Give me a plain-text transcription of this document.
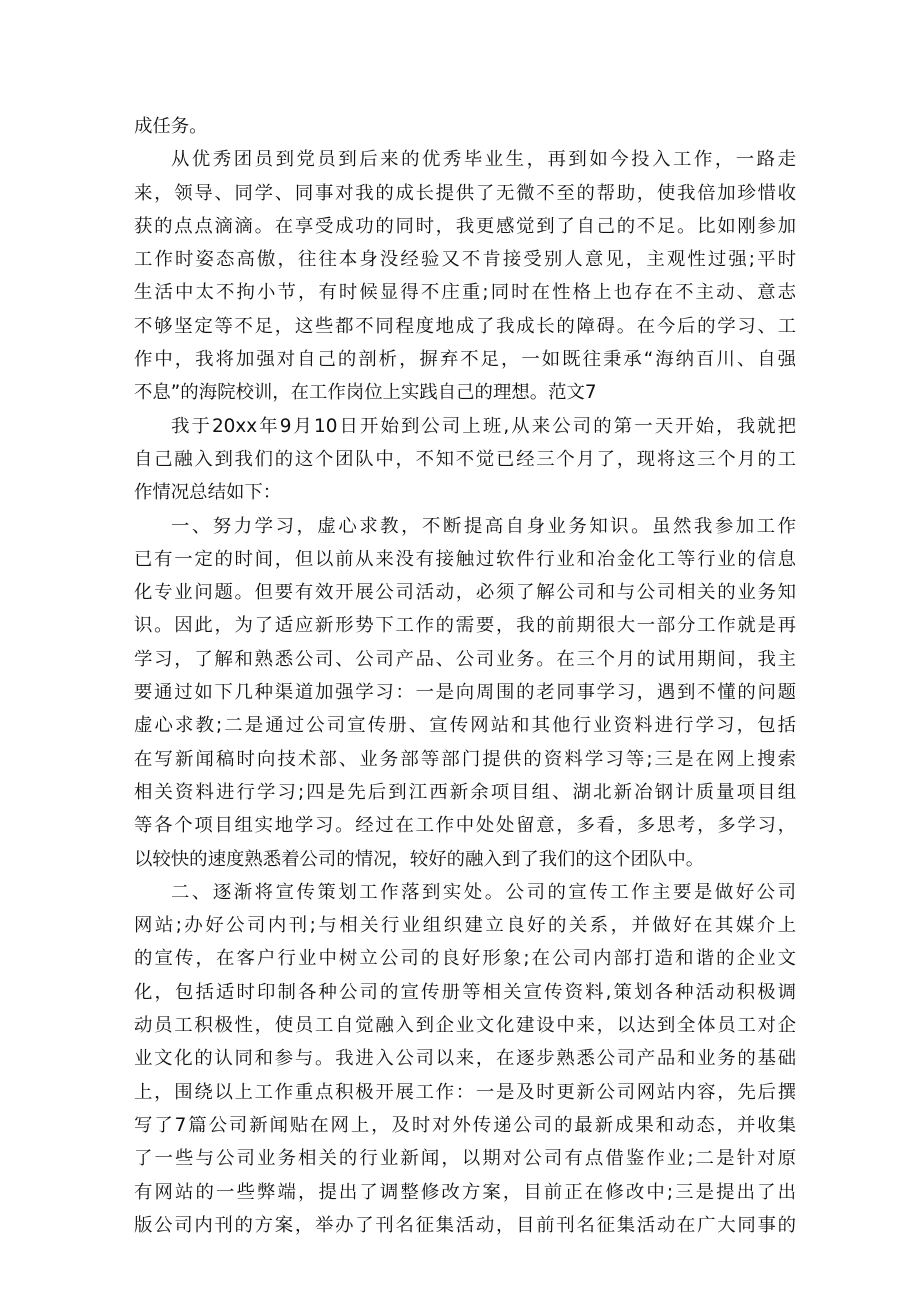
成任务。
从优秀团员到党员到后来的优秀毕业生，再到如今投入工作，一路走
来，领导、同学、同事对我的成长提供了无微不至的帮助，使我倍加珍惜收
获的点点滴滴。在享受成功的同时，我更感觉到了自己的不足。比如刚参加
工作时姿态高傲，往往本身没经验又不肯接受别人意见，主观性过强;平时
生活中太不拘小节，有时候显得不庄重;同时在性格上也存在不主动、意志
不够坚定等不足，这些都不同程度地成了我成长的障碍。在今后的学习、工
作中，我将加强对自己的剖析，摒弃不足，一如既往秉承“海纳百川、自强
不息”的海院校训，在工作岗位上实践自己的理想。范文7
我于20xx年9月10日开始到公司上班,从来公司的第一天开始，我就把
自己融入到我们的这个团队中，不知不觉已经三个月了，现将这三个月的工
作情况总结如下：
一、努力学习，虚心求教，不断提高自身业务知识。虽然我参加工作
已有一定的时间，但以前从来没有接触过软件行业和冶金化工等行业的信息
化专业问题。但要有效开展公司活动，必须了解公司和与公司相关的业务知
识。因此，为了适应新形势下工作的需要，我的前期很大一部分工作就是再
学习，了解和熟悉公司、公司产品、公司业务。在三个月的试用期间，我主
要通过如下几种渠道加强学习：一是向周围的老同事学习，遇到不懂的问题
虚心求教;二是通过公司宣传册、宣传网站和其他行业资料进行学习，包括
在写新闻稿时向技术部、业务部等部门提供的资料学习等;三是在网上搜索
相关资料进行学习;四是先后到江西新余项目组、湖北新冶钢计质量项目组
等各个项目组实地学习。经过在工作中处处留意，多看，多思考，多学习，
以较快的速度熟悉着公司的情况，较好的融入到了我们的这个团队中。
二、逐渐将宣传策划工作落到实处。公司的宣传工作主要是做好公司
网站;办好公司内刊;与相关行业组织建立良好的关系，并做好在其媒介上
的宣传，在客户行业中树立公司的良好形象;在公司内部打造和谐的企业文
化，包括适时印制各种公司的宣传册等相关宣传资料,策划各种活动积极调
动员工积极性，使员工自觉融入到企业文化建设中来，以达到全体员工对企
业文化的认同和参与。我进入公司以来，在逐步熟悉公司产品和业务的基础
上，围绕以上工作重点积极开展工作：一是及时更新公司网站内容，先后撰
写了7篇公司新闻贴在网上，及时对外传递公司的最新成果和动态，并收集
了一些与公司业务相关的行业新闻，以期对公司有点借鉴作业;二是针对原
有网站的一些弊端，提出了调整修改方案，目前正在修改中;三是提出了出
版公司内刊的方案，举办了刊名征集活动，目前刊名征集活动在广大同事的
